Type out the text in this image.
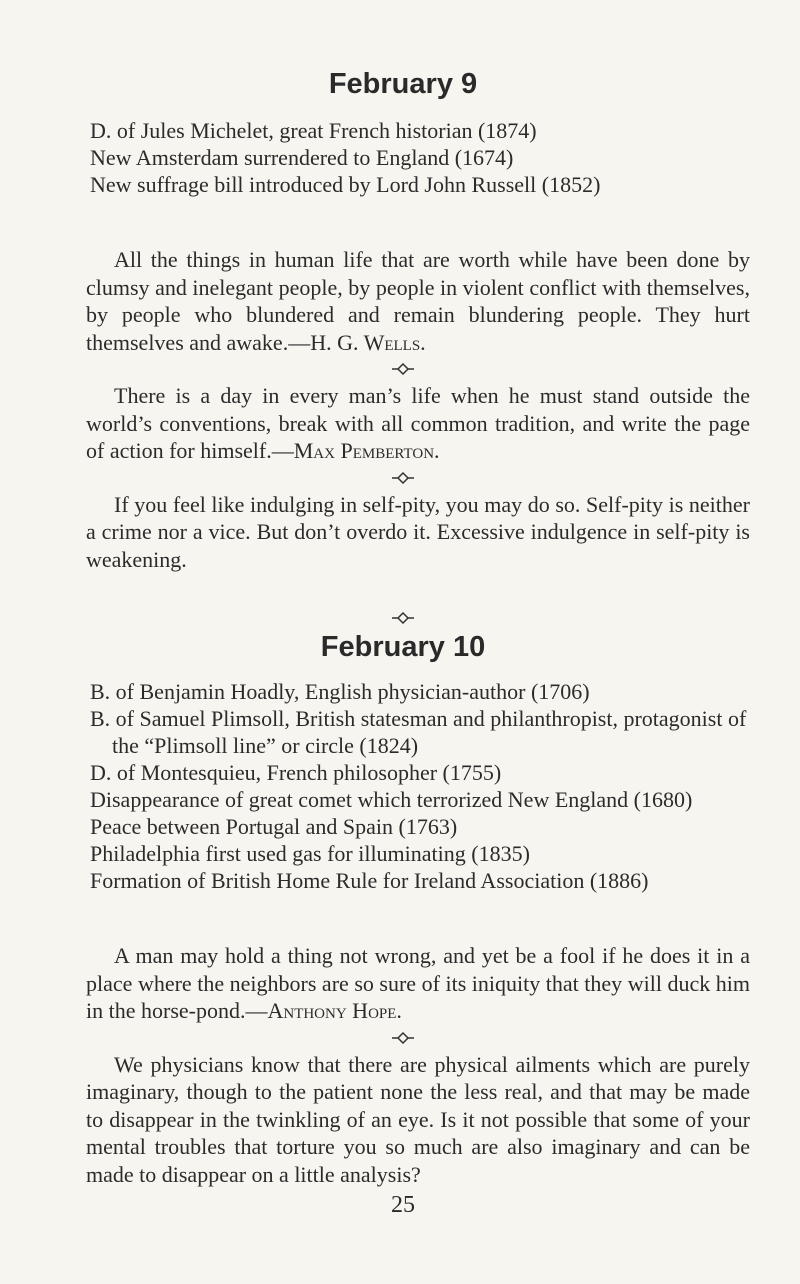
February 9
D. of Jules Michelet, great French historian (1874)
New Amsterdam surrendered to England (1674)
New suffrage bill introduced by Lord John Russell (1852)

All the things in human life that are worth while have been done by clumsy and inelegant people, by people in violent conflict with themselves, by people who blundered and remain blundering people. They hurt themselves and awake.—H. G. Wells.

There is a day in every man’s life when he must stand outside the world’s conventions, break with all common tradition, and write the page of action for himself.—Max Pemberton.

If you feel like indulging in self-pity, you may do so. Self-pity is neither a crime nor a vice. But don’t overdo it. Excessive indulgence in self-pity is weakening.

February 10
B. of Benjamin Hoadly, English physician-author (1706)
B. of Samuel Plimsoll, British statesman and philanthropist, protagonist of the “Plimsoll line” or circle (1824)
D. of Montesquieu, French philosopher (1755)
Disappearance of great comet which terrorized New England (1680)
Peace between Portugal and Spain (1763)
Philadelphia first used gas for illuminating (1835)
Formation of British Home Rule for Ireland Association (1886)

A man may hold a thing not wrong, and yet be a fool if he does it in a place where the neighbors are so sure of its iniquity that they will duck him in the horse-pond.—Anthony Hope.

We physicians know that there are physical ailments which are purely imaginary, though to the patient none the less real, and that may be made to disappear in the twinkling of an eye. Is it not possible that some of your mental troubles that torture you so much are also imaginary and can be made to disappear on a little analysis?

25
